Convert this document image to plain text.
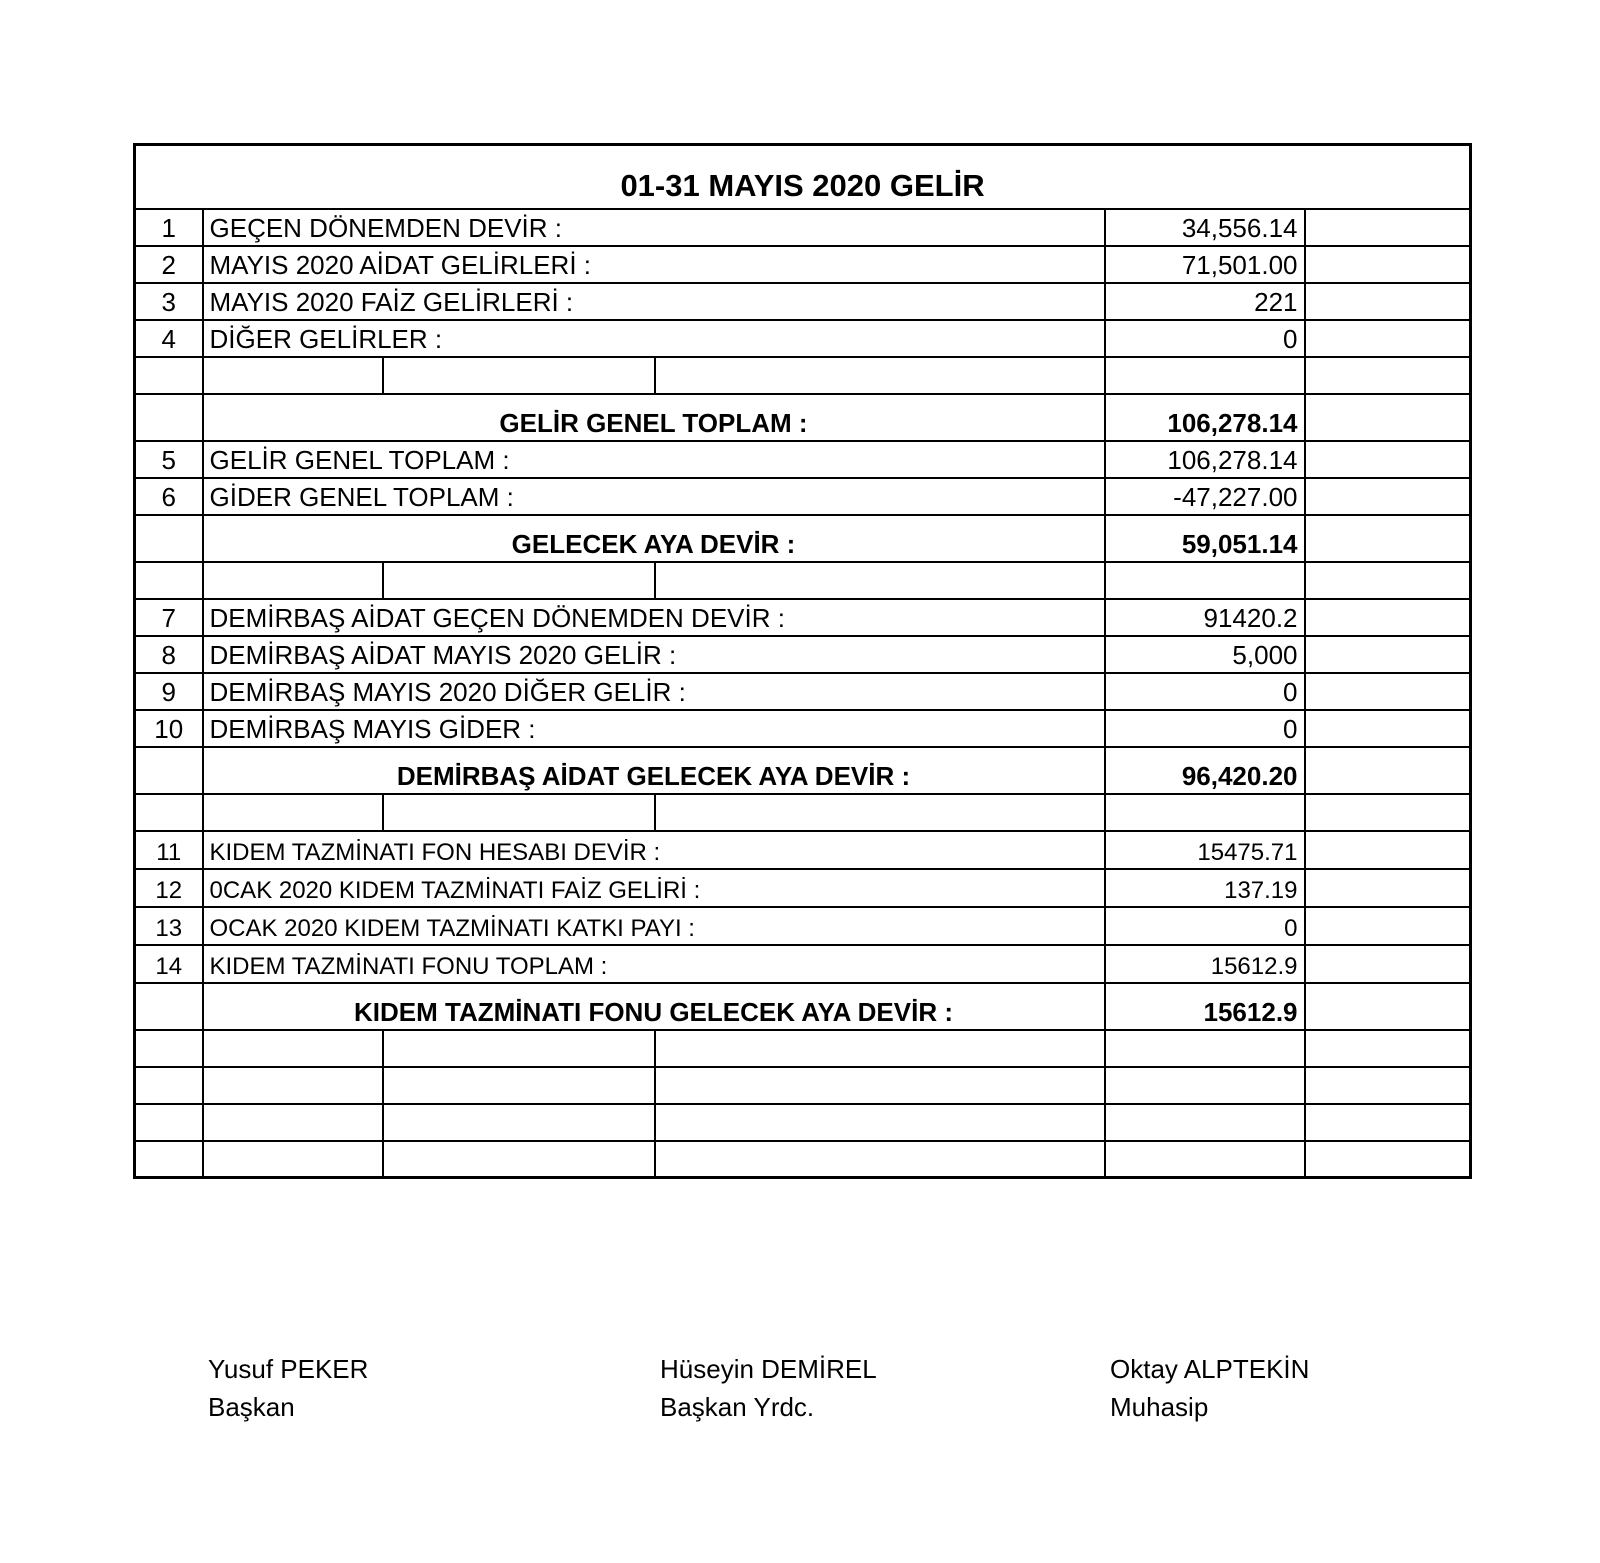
01-31 MAYIS 2020 GELİR					
1	GEÇEN DÖNEMDEN DEVİR :			34,556.14	
2	MAYIS 2020 AİDAT GELİRLERİ :			71,501.00	
3	MAYIS 2020 FAİZ GELİRLERİ :			221	
4	DİĞER GELİRLER :			0	

	GELİR GENEL TOPLAM :			106,278.14	
5	GELİR GENEL TOPLAM :			106,278.14	
6	GİDER GENEL TOPLAM :			-47,227.00	
	GELECEK AYA DEVİR :			59,051.14	

7	DEMİRBAŞ AİDAT GEÇEN DÖNEMDEN DEVİR :			91420.2	
8	DEMİRBAŞ AİDAT MAYIS 2020 GELİR :			5,000	
9	DEMİRBAŞ MAYIS 2020 DİĞER GELİR :			0	
10	DEMİRBAŞ MAYIS GİDER :			0	
	DEMİRBAŞ AİDAT GELECEK AYA DEVİR :			96,420.20	

11	KIDEM TAZMİNATI FON HESABI DEVİR :			15475.71	
12	0CAK 2020 KIDEM TAZMİNATI FAİZ GELİRİ :			137.19	
13	OCAK 2020 KIDEM TAZMİNATI KATKI PAYI :			0	
14	KIDEM TAZMİNATI FONU TOPLAM :			15612.9	
	KIDEM TAZMİNATI FONU GELECEK AYA DEVİR :			15612.9	

Yusuf PEKER
Başkan
Hüseyin DEMİREL
Başkan Yrdc.
Oktay ALPTEKİN
Muhasip
